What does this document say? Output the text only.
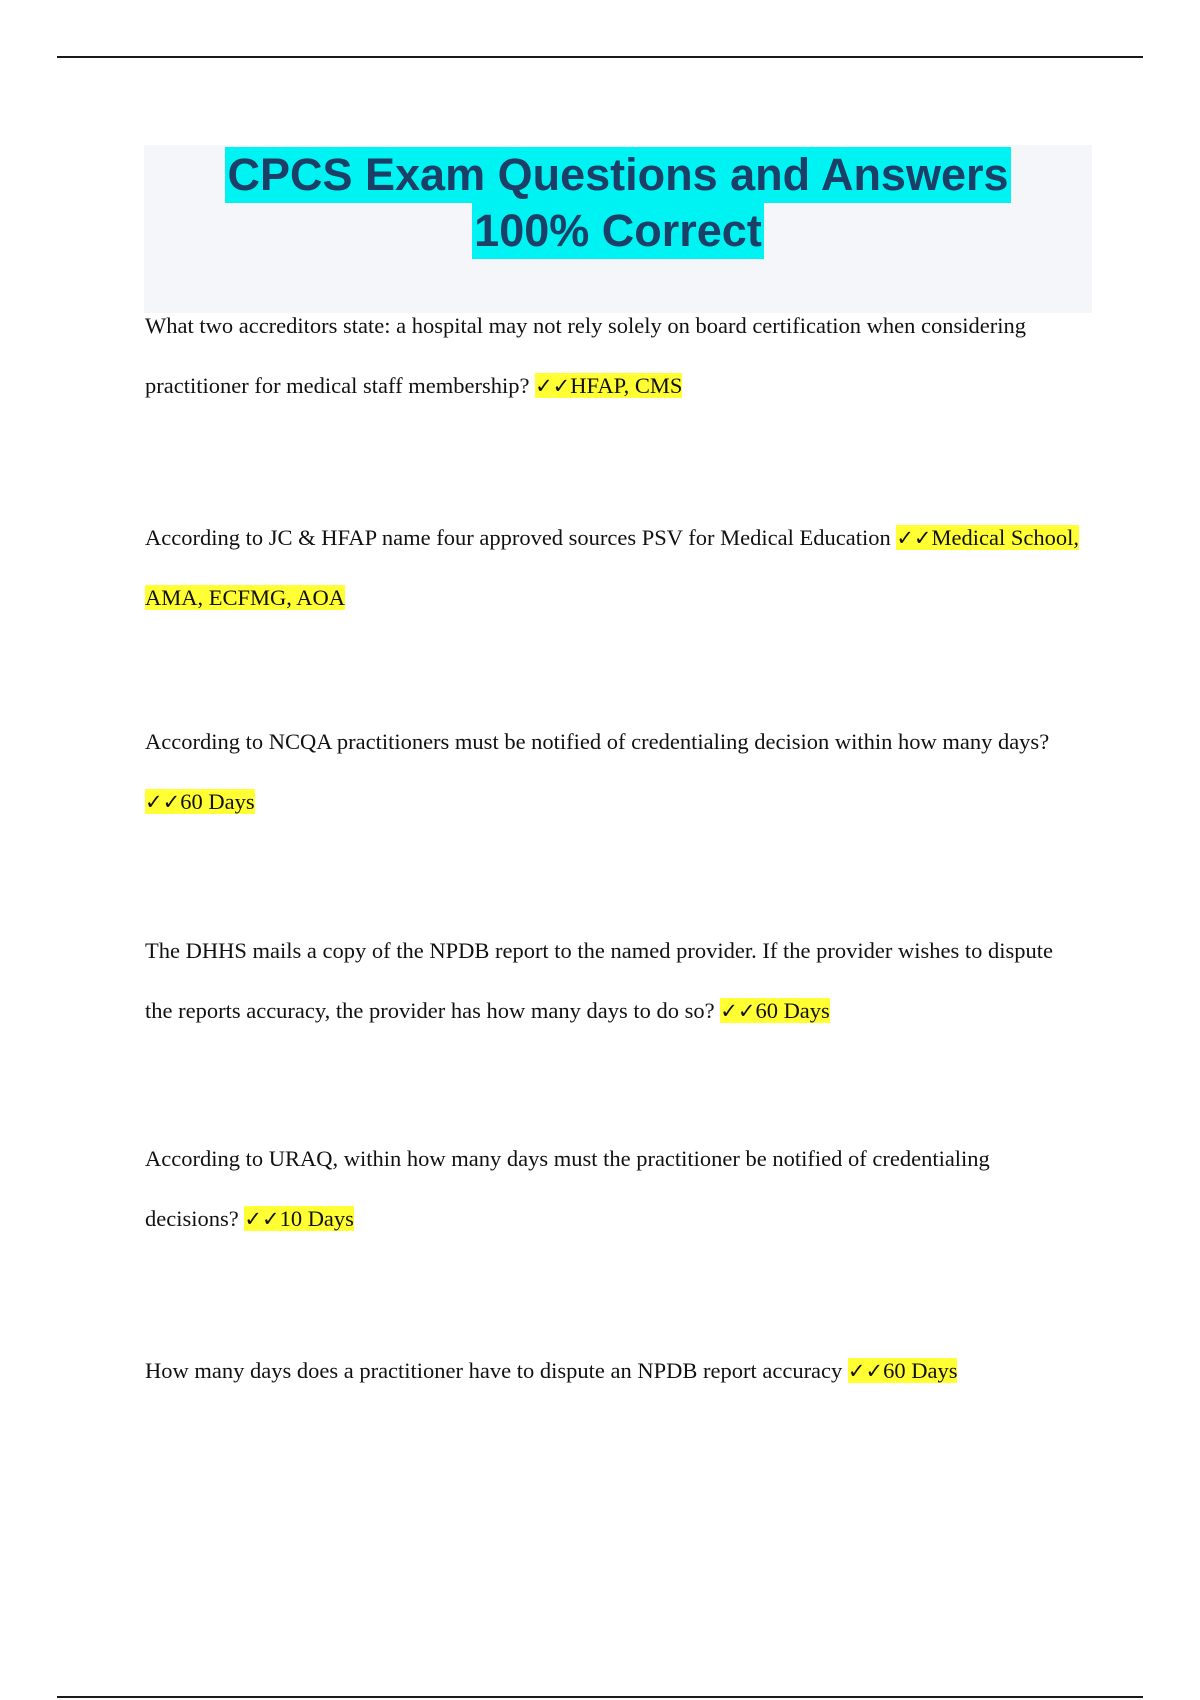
CPCS Exam Questions and Answers
100% Correct
What two accreditors state: a hospital may not rely solely on board certification when considering practitioner for medical staff membership? ✓✓HFAP, CMS
According to JC & HFAP name four approved sources PSV for Medical Education ✓✓Medical School, AMA, ECFMG, AOA
According to NCQA practitioners must be notified of credentialing decision within how many days? ✓✓60 Days
The DHHS mails a copy of the NPDB report to the named provider. If the provider wishes to dispute the reports accuracy, the provider has how many days to do so? ✓✓60 Days
According to URAQ, within how many days must the practitioner be notified of credentialing decisions? ✓✓10 Days
How many days does a practitioner have to dispute an NPDB report accuracy ✓✓60 Days
